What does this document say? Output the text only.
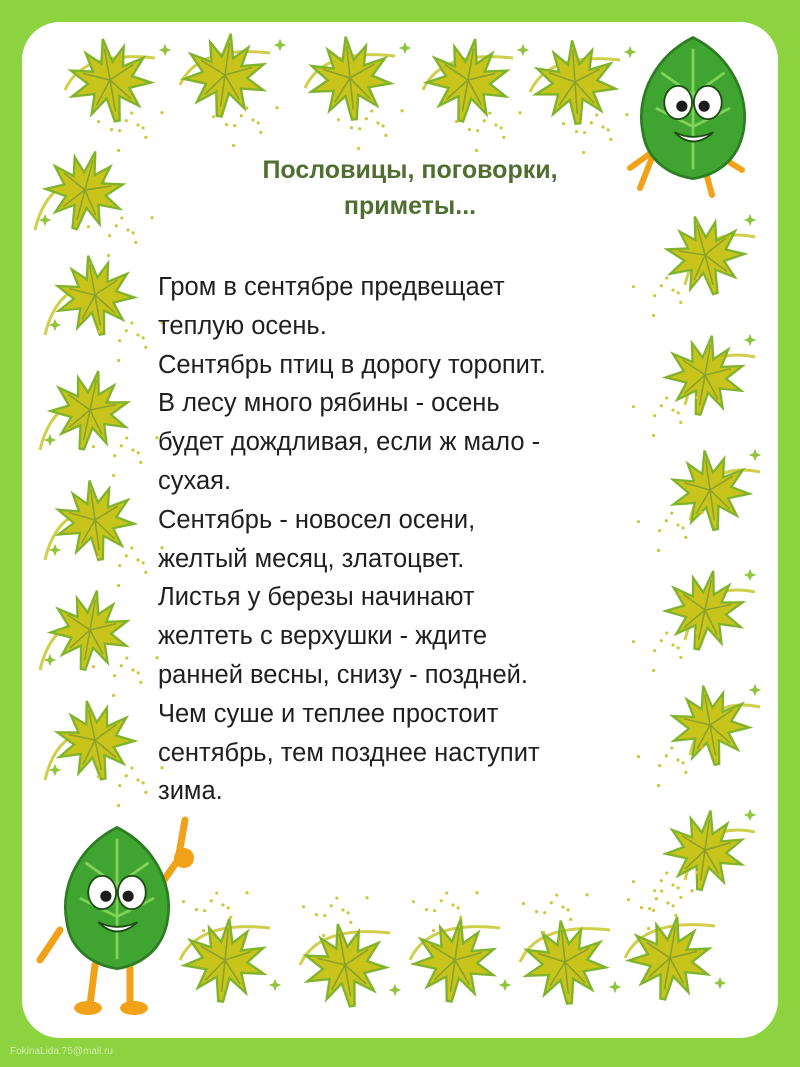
Пословицы, поговорки,
приметы...

Гром в сентябре предвещает
теплую осень.
Сентябрь птиц в дорогу торопит.
В лесу много рябины - осень
будет дождливая, если ж мало -
сухая.
Сентябрь - новосел осени,
желтый месяц, златоцвет.
Листья у березы начинают
желтеть с верхушки - ждите
ранней весны, снизу - поздней.
Чем суше и теплее простоит
сентябрь, тем позднее наступит
зима.

FokinaLida.75@mail.ru
